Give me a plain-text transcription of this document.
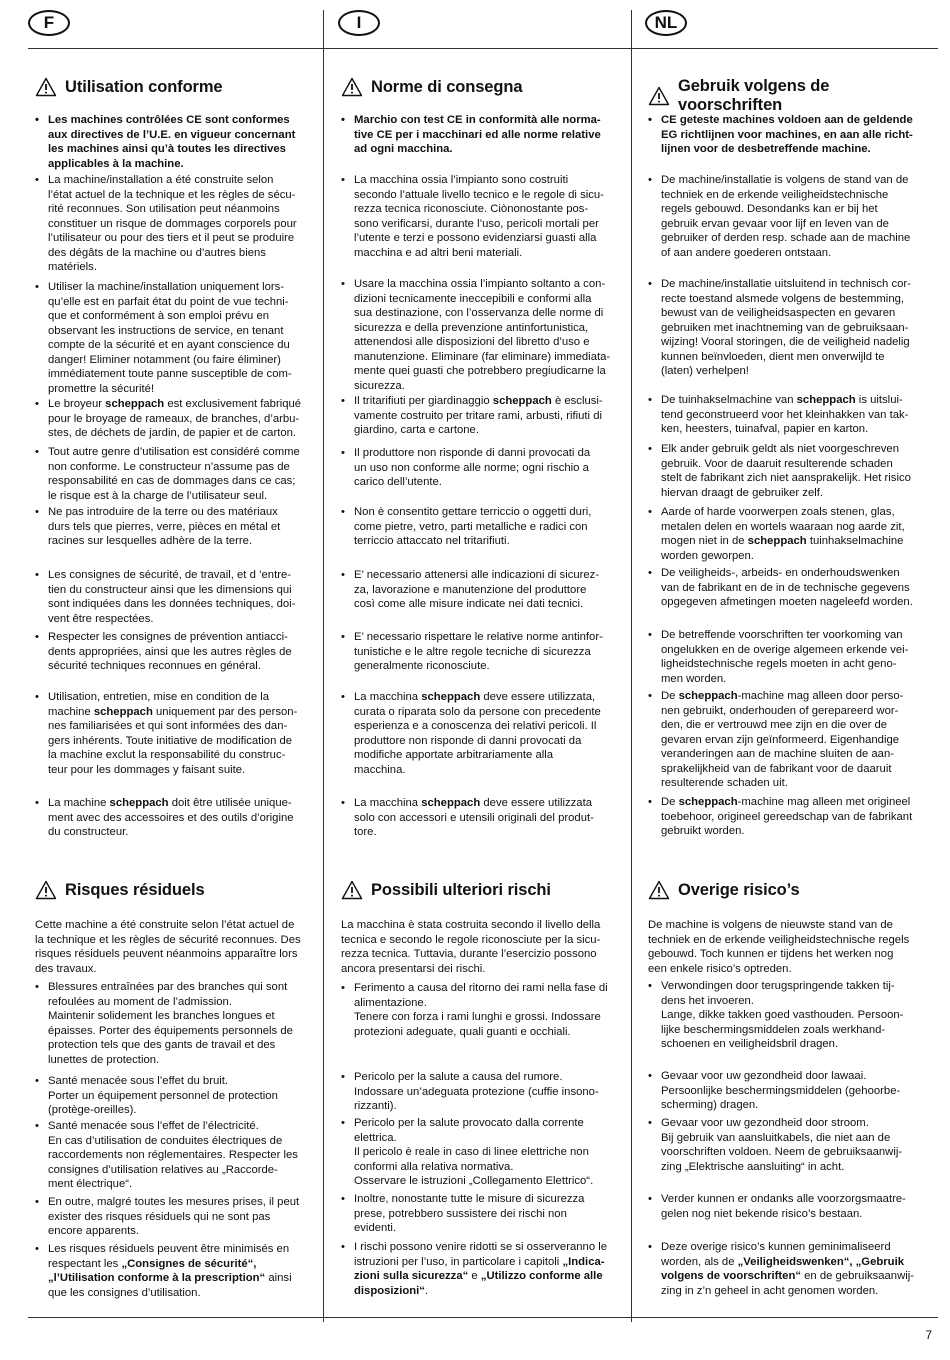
F	I	NL
Utilisation conforme
• Les machines contrôlées CE sont conformes
aux directives de l’U.E. en vigueur concernant
les machines ainsi qu’à toutes les directives
applicables à la machine.
• La machine/installation a été construite selon
l’état actuel de la technique et les règles de sécu-
rité reconnues. Son utilisation peut néanmoins
constituer un risque de dommages corporels pour
l’utilisateur ou pour des tiers et il peut se produire
des dégâts de la machine ou d’autres biens
matériels.
• Utiliser la machine/installation uniquement lors-
qu’elle est en parfait état du point de vue techni-
que et conformément à son emploi prévu en
observant les instructions de service, en tenant
compte de la sécurité et en ayant conscience du
danger! Eliminer notamment (ou faire éliminer)
immédiatement toute panne susceptible de com-
promettre la sécurité!
• Le broyeur scheppach est exclusivement fabriqué
pour le broyage de rameaux, de branches, d’arbu-
stes, de déchets de jardin, de papier et de carton.
• Tout autre genre d’utilisation est considéré comme
non conforme. Le constructeur n’assume pas de
responsabilité en cas de dommages dans ce cas;
le risque est à la charge de l’utilisateur seul.
• Ne pas introduire de la terre ou des matériaux
durs tels que pierres, verre, pièces en métal et
racines sur lesquelles adhère de la terre.
• Les consignes de sécurité, de travail, et d ’entre-
tien du constructeur ainsi que les dimensions qui
sont indiquées dans les données techniques, doi-
vent être respectées.
• Respecter les consignes de prévention antiacci-
dents appropriées, ainsi que les autres règles de
sécurité techniques reconnues en général.
• Utilisation, entretien, mise en condition de la
machine scheppach uniquement par des person-
nes familiarisées et qui sont informées des dan-
gers inhérents. Toute initiative de modification de
la machine exclut la responsabilité du construc-
teur pour les dommages y faisant suite.
• La machine scheppach doit être utilisée unique-
ment avec des accessoires et des outils d’origine
du constructeur.
Risques résiduels
Cette machine a été construite selon l’état actuel de
la technique et les règles de sécurité reconnues. Des
risques résiduels peuvent néanmoins apparaître lors
des travaux.
• Blessures entraînées par des branches qui sont
refoulées au moment de l’admission.
Maintenir solidement les branches longues et
épaisses. Porter des équipements personnels de
protection tels que des gants de travail et des
lunettes de protection.
• Santé menacée sous l’effet du bruit.
Porter un équipement personnel de protection
(protège-oreilles).
• Santé menacée sous l’effet de l’électricité.
En cas d’utilisation de conduites électriques de
raccordements non réglementaires. Respecter les
consignes d’utilisation relatives au „Raccorde-
ment électrique“.
• En outre, malgré toutes les mesures prises, il peut
exister des risques résiduels qui ne sont pas
encore apparents.
• Les risques résiduels peuvent être minimisés en
respectant les „Consignes de sécurité“,
„l’Utilisation conforme à la prescription“ ainsi
que les consignes d’utilisation.
Norme di consegna
• Marchio con test CE in conformità alle norma-
tive CE per i macchinari ed alle norme relative
ad ogni macchina.
• La macchina ossia l’impianto sono costruiti
secondo l’attuale livello tecnico e le regole di sicu-
rezza tecnica riconosciute. Ciònonostante pos-
sono verificarsi, durante l’uso, pericoli mortali per
l’utente e terzi e possono evidenziarsi guasti alla
macchina e ad altri beni materiali.
• Usare la macchina ossia l’impianto soltanto a con-
dizioni tecnicamente ineccepibili e conformi alla
sua destinazione, con l’osservanza delle norme di
sicurezza e della prevenzione antinfortunistica,
attenendosi alle disposizioni del libretto d’uso e
manutenzione. Eliminare (far eliminare) immediata-
mente quei guasti che potrebbero pregiudicarne la
sicurezza.
• Il tritarifiuti per giardinaggio scheppach è esclusi-
vamente costruito per tritare rami, arbusti, rifiuti di
giardino, carta e cartone.
• Il produttore non risponde di danni provocati da
un uso non conforme alle norme; ogni rischio a
carico dell’utente.
• Non è consentito gettare terriccio o oggetti duri,
come pietre, vetro, parti metalliche e radici con
terriccio attaccato nel tritarifiuti.
• E’ necessario attenersi alle indicazioni di sicurez-
za, lavorazione e manutenzione del produttore
così come alle misure indicate nei dati tecnici.
• E’ necessario rispettare le relative norme antinfor-
tunistiche e le altre regole tecniche di sicurezza
generalmente riconosciute.
• La macchina scheppach deve essere utilizzata,
curata o riparata solo da persone con precedente
esperienza e a conoscenza dei relativi pericoli. Il
produttore non risponde di danni provocati da
modifiche apportate arbitrariamente alla
macchina.
• La macchina scheppach deve essere utilizzata
solo con accessori e utensili originali del produt-
tore.
Possibili ulteriori rischi
La macchina è stata costruita secondo il livello della
tecnica e secondo le regole riconosciute per la sicu-
rezza tecnica. Tuttavia, durante l’esercizio possono
ancora presentarsi dei rischi.
• Ferimento a causa del ritorno dei rami nella fase di
alimentazione.
Tenere con forza i rami lunghi e grossi. Indossare
protezioni adeguate, quali guanti e occhiali.
• Pericolo per la salute a causa del rumore.
Indossare un’adeguata protezione (cuffie insono-
rizzanti).
• Pericolo per la salute provocato dalla corrente
elettrica.
Il pericolo è reale in caso di linee elettriche non
conformi alla relativa normativa.
Osservare le istruzioni „Collegamento Elettrico“.
• Inoltre, nonostante tutte le misure di sicurezza
prese, potrebbero sussistere dei rischi non
evidenti.
• I rischi possono venire ridotti se si osserveranno le
istruzioni per l’uso, in particolare i capitoli „Indica-
zioni sulla sicurezza“ e „Utilizzo conforme alle
disposizioni“.
Gebruik volgens de voorschriften
• CE geteste machines voldoen aan de geldende
EG richtlijnen voor machines, en aan alle richt-
lijnen voor de desbetreffende machine.
• De machine/installatie is volgens de stand van de
techniek en de erkende veiligheidstechnische
regels gebouwd. Desondanks kan er bij het
gebruik ervan gevaar voor lijf en leven van de
gebruiker of derden resp. schade aan de machine
of aan andere goederen ontstaan.
• De machine/installatie uitsluitend in technisch cor-
recte toestand alsmede volgens de bestemming,
bewust van de veiligheidsaspecten en gevaren
gebruiken met inachtneming van de gebruiksaan-
wijzing! Vooral storingen, die de veiligheid nadelig
kunnen beïnvloeden, dient men onverwijld te
(laten) verhelpen!
• De tuinhakselmachine van scheppach is uitslui-
tend geconstrueerd voor het kleinhakken van tak-
ken, heesters, tuinafval, papier en karton.
• Elk ander gebruik geldt als niet voorgeschreven
gebruik. Voor de daaruit resulterende schaden
stelt de fabrikant zich niet aansprakelijk. Het risico
hiervan draagt de gebruiker zelf.
• Aarde of harde voorwerpen zoals stenen, glas,
metalen delen en wortels waaraan nog aarde zit,
mogen niet in de scheppach tuinhakselmachine
worden geworpen.
• De veiligheids-, arbeids- en onderhoudswenken
van de fabrikant en de in de technische gegevens
opgegeven afmetingen moeten nageleefd worden.
• De betreffende voorschriften ter voorkoming van
ongelukken en de overige algemeen erkende vei-
ligheidstechnische regels moeten in acht geno-
men worden.
• De scheppach-machine mag alleen door perso-
nen gebruikt, onderhouden of gerepareerd wor-
den, die er vertrouwd mee zijn en die over de
gevaren ervan zijn geïnformeerd. Eigenhandige
veranderingen aan de machine sluiten de aan-
sprakelijkheid van de fabrikant voor de daaruit
resulterende schaden uit.
• De scheppach-machine mag alleen met origineel
toebehoor, origineel gereedschap van de fabrikant
gebruikt worden.
Overige risico’s
De machine is volgens de nieuwste stand van de
techniek en de erkende veiligheidstechnische regels
gebouwd. Toch kunnen er tijdens het werken nog
een enkele risico’s optreden.
• Verwondingen door terugspringende takken tij-
dens het invoeren.
Lange, dikke takken goed vasthouden. Persoon-
lijke beschermingsmiddelen zoals werkhand-
schoenen en veiligheidsbril dragen.
• Gevaar voor uw gezondheid door lawaai.
Persoonlijke beschermingsmiddelen (gehoorbe-
scherming) dragen.
• Gevaar voor uw gezondheid door stroom.
Bij gebruik van aansluitkabels, die niet aan de
voorschriften voldoen. Neem de gebruiksaanwij-
zing „Elektrische aansluiting“ in acht.
• Verder kunnen er ondanks alle voorzorgsmaatre-
gelen nog niet bekende risico’s bestaan.
• Deze overige risico’s kunnen geminimaliseerd
worden, als de „Veiligheidswenken“, „Gebruik
volgens de voorschriften“ en de gebruiksaanwij-
zing in z’n geheel in acht genomen worden.
7
